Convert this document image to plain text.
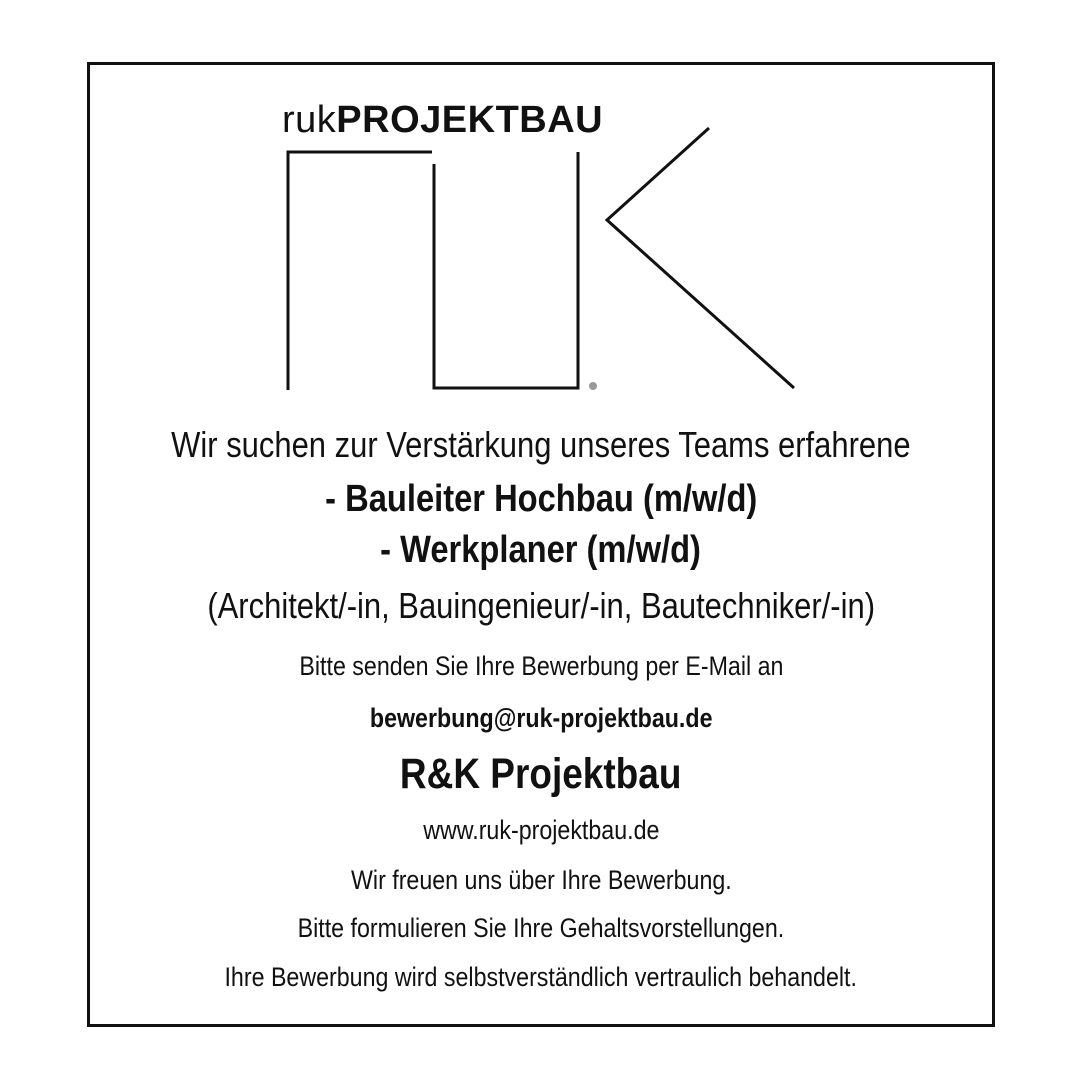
rukPROJEKTBAU
Wir suchen zur Verstärkung unseres Teams erfahrene
- Bauleiter Hochbau (m/w/d)
- Werkplaner (m/w/d)
(Architekt/-in, Bauingenieur/-in, Bautechniker/-in)
Bitte senden Sie Ihre Bewerbung per E-Mail an
bewerbung@ruk-projektbau.de
R&K Projektbau
www.ruk-projektbau.de
Wir freuen uns über Ihre Bewerbung.
Bitte formulieren Sie Ihre Gehaltsvorstellungen.
Ihre Bewerbung wird selbstverständlich vertraulich behandelt.
